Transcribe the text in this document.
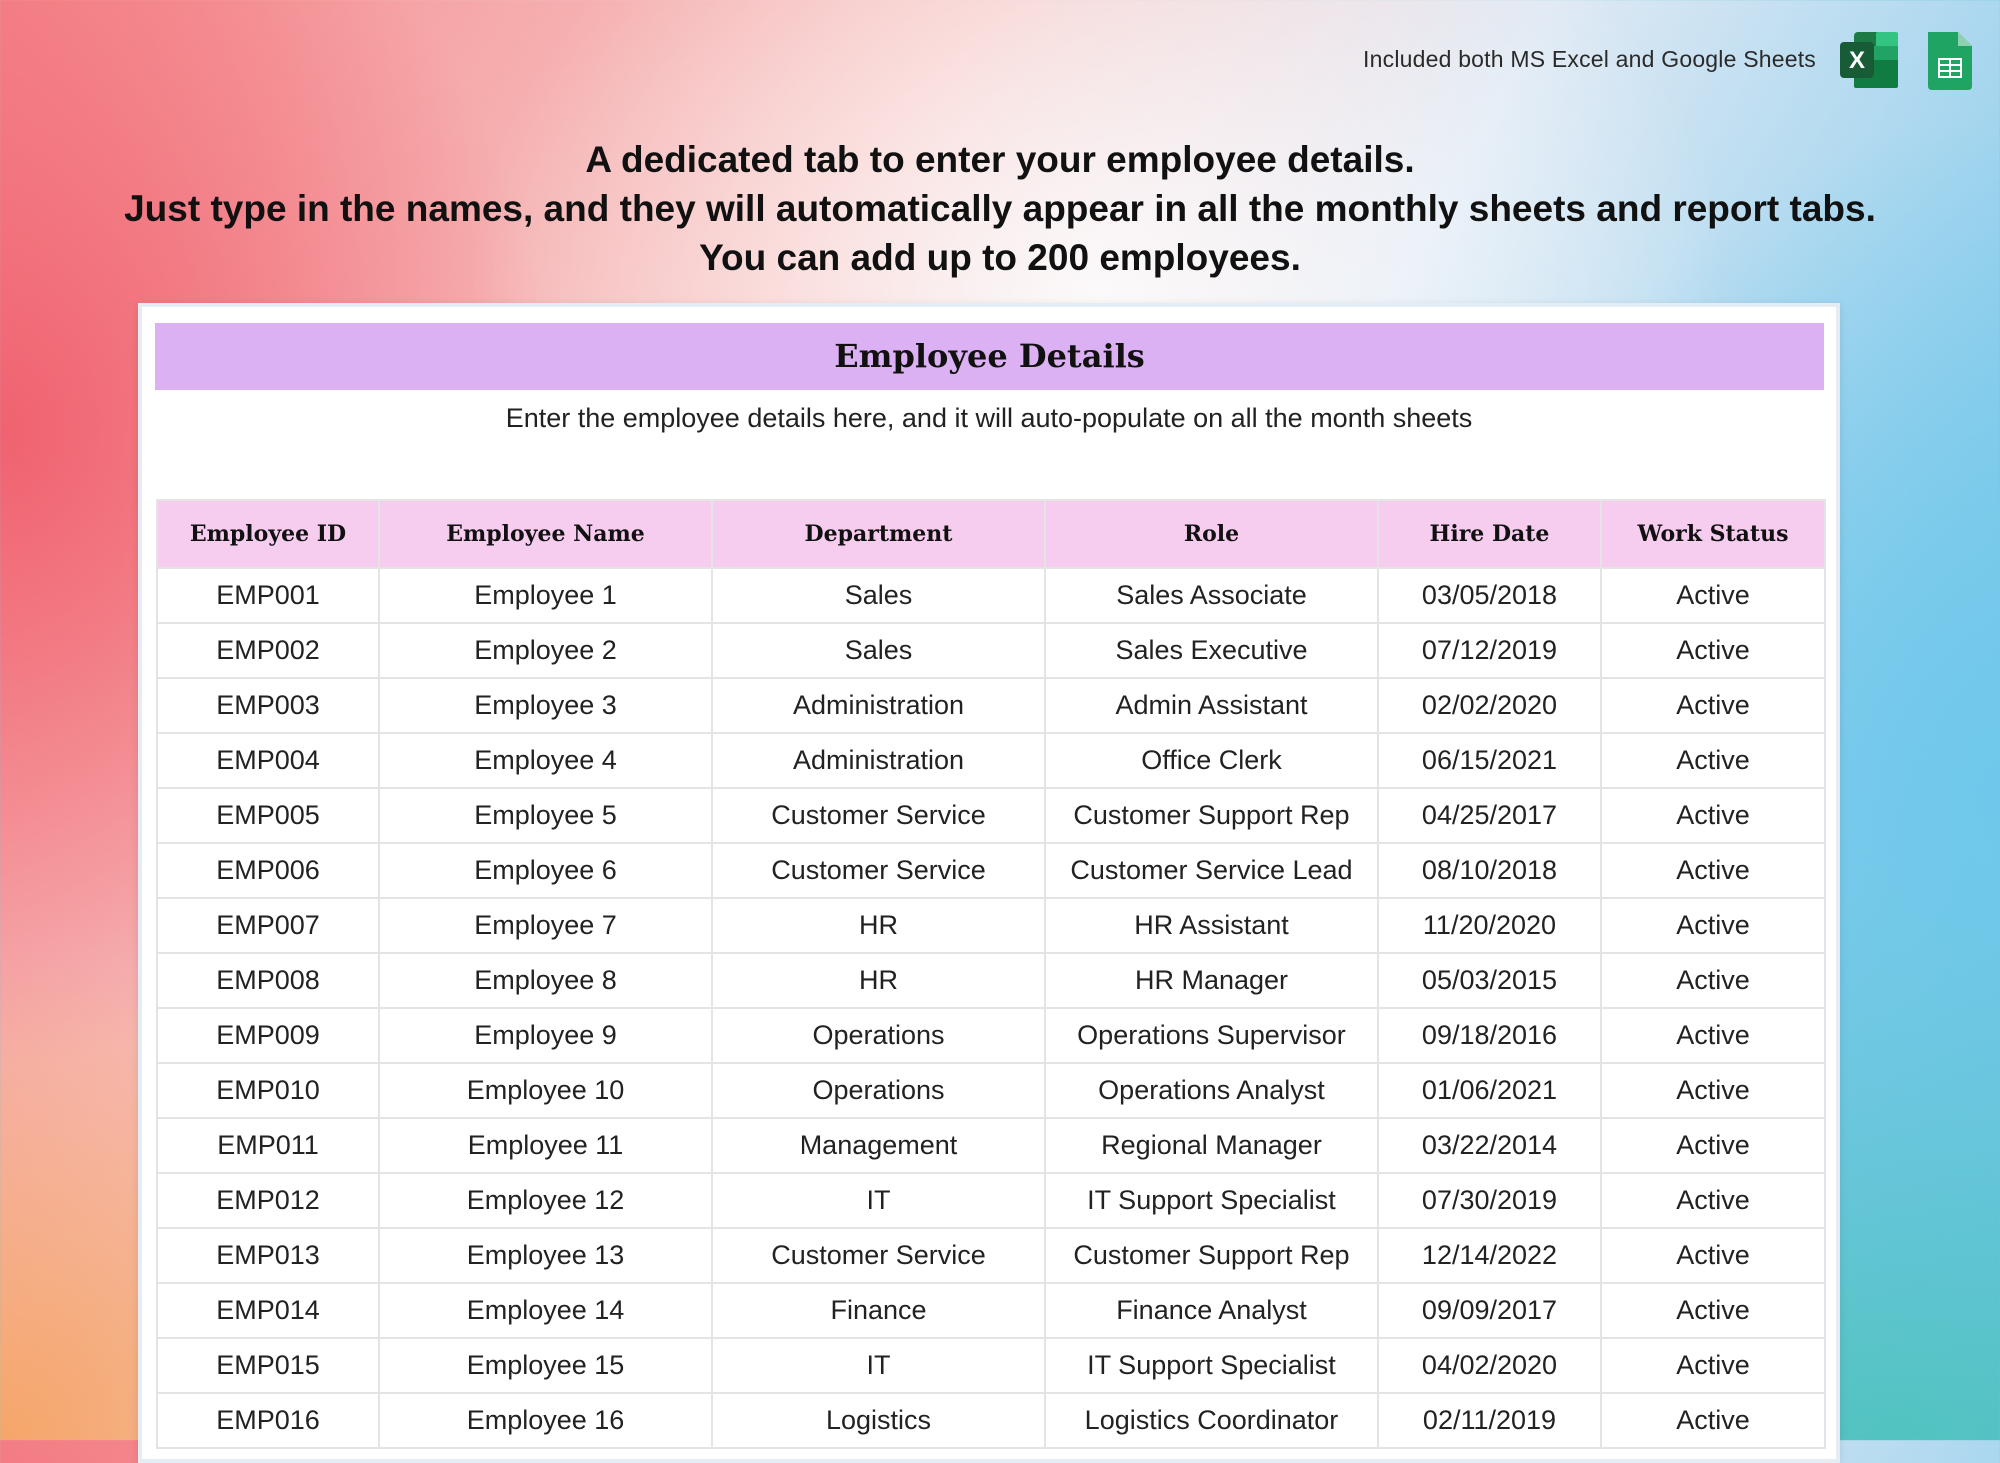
Included both MS Excel and Google Sheets X
A dedicated tab to enter your employee details.
Just type in the names, and they will automatically appear in all the monthly sheets and report tabs.
You can add up to 200 employees.
Employee Details
Enter the employee details here, and it will auto-populate on all the month sheets
Employee ID	Employee Name	Department	Role	Hire Date	Work Status
EMP001	Employee 1	Sales	Sales Associate	03/05/2018	Active
EMP002	Employee 2	Sales	Sales Executive	07/12/2019	Active
EMP003	Employee 3	Administration	Admin Assistant	02/02/2020	Active
EMP004	Employee 4	Administration	Office Clerk	06/15/2021	Active
EMP005	Employee 5	Customer Service	Customer Support Rep	04/25/2017	Active
EMP006	Employee 6	Customer Service	Customer Service Lead	08/10/2018	Active
EMP007	Employee 7	HR	HR Assistant	11/20/2020	Active
EMP008	Employee 8	HR	HR Manager	05/03/2015	Active
EMP009	Employee 9	Operations	Operations Supervisor	09/18/2016	Active
EMP010	Employee 10	Operations	Operations Analyst	01/06/2021	Active
EMP011	Employee 11	Management	Regional Manager	03/22/2014	Active
EMP012	Employee 12	IT	IT Support Specialist	07/30/2019	Active
EMP013	Employee 13	Customer Service	Customer Support Rep	12/14/2022	Active
EMP014	Employee 14	Finance	Finance Analyst	09/09/2017	Active
EMP015	Employee 15	IT	IT Support Specialist	04/02/2020	Active
EMP016	Employee 16	Logistics	Logistics Coordinator	02/11/2019	Active
